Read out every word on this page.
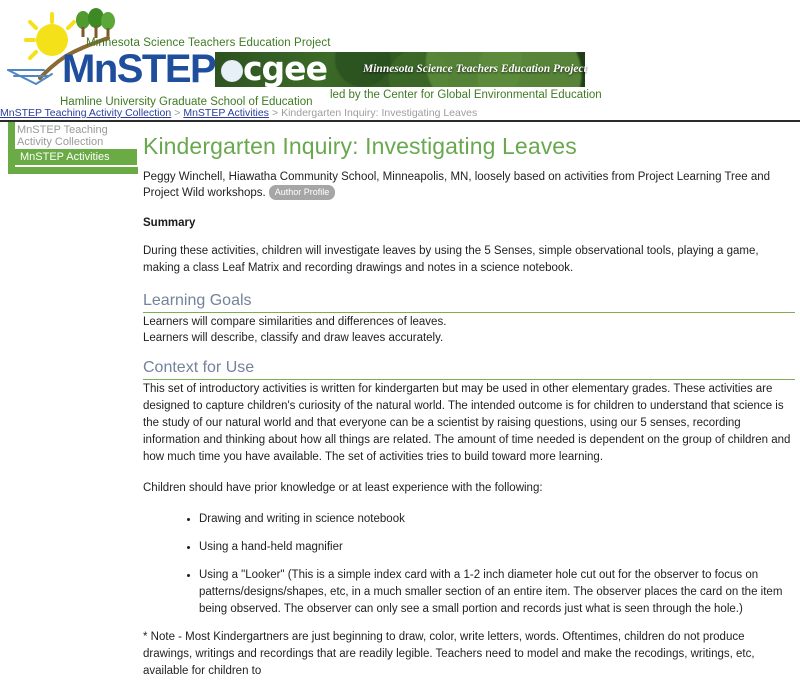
Minnesota Science Teachers Education Project
MnSTEP
Hamline University Graduate School of Education
cgee	Minnesota Science Teachers Education Project
led by the Center for Global Environmental Education
MnSTEP Teaching Activity Collection > MnSTEP Activities > Kindergarten Inquiry: Investigating Leaves
MnSTEP Teaching Activity Collection
MnSTEP Activities	Kindergarten Inquiry: Investigating Leaves

Peggy Winchell, Hiawatha Community School, Minneapolis, MN, loosely based on activities from Project Learning Tree and Project Wild workshops. Author Profile

Summary

During these activities, children will investigate leaves by using the 5 Senses, simple observational tools, playing a game, making a class Leaf Matrix and recording drawings and notes in a science notebook.

Learning Goals

Learners will compare similarities and differences of leaves.

Learners will describe, classify and draw leaves accurately.

Context for Use

This set of introductory activities is written for kindergarten but may be used in other elementary grades. These activities are designed to capture children's curiosity of the natural world. The intended outcome is for children to understand that science is the study of our natural world and that everyone can be a scientist by raising questions, using our 5 senses, recording information and thinking about how all things are related. The amount of time needed is dependent on the group of children and how much time you have available. The set of activities tries to build toward more learning.

Children should have prior knowledge or at least experience with the following:

Drawing and writing in science notebook
Using a hand-held magnifier
Using a "Looker" (This is a simple index card with a 1-2 inch diameter hole cut out for the observer to focus on patterns/designs/shapes, etc, in a much smaller section of an entire item. The observer places the card on the item being observed. The observer can only see a small portion and records just what is seen through the hole.)

* Note - Most Kindergartners are just beginning to draw, color, write letters, words. Oftentimes, children do not produce drawings, writings and recordings that are readily legible. Teachers need to model and make the recodings, writings, etc, available for children to
